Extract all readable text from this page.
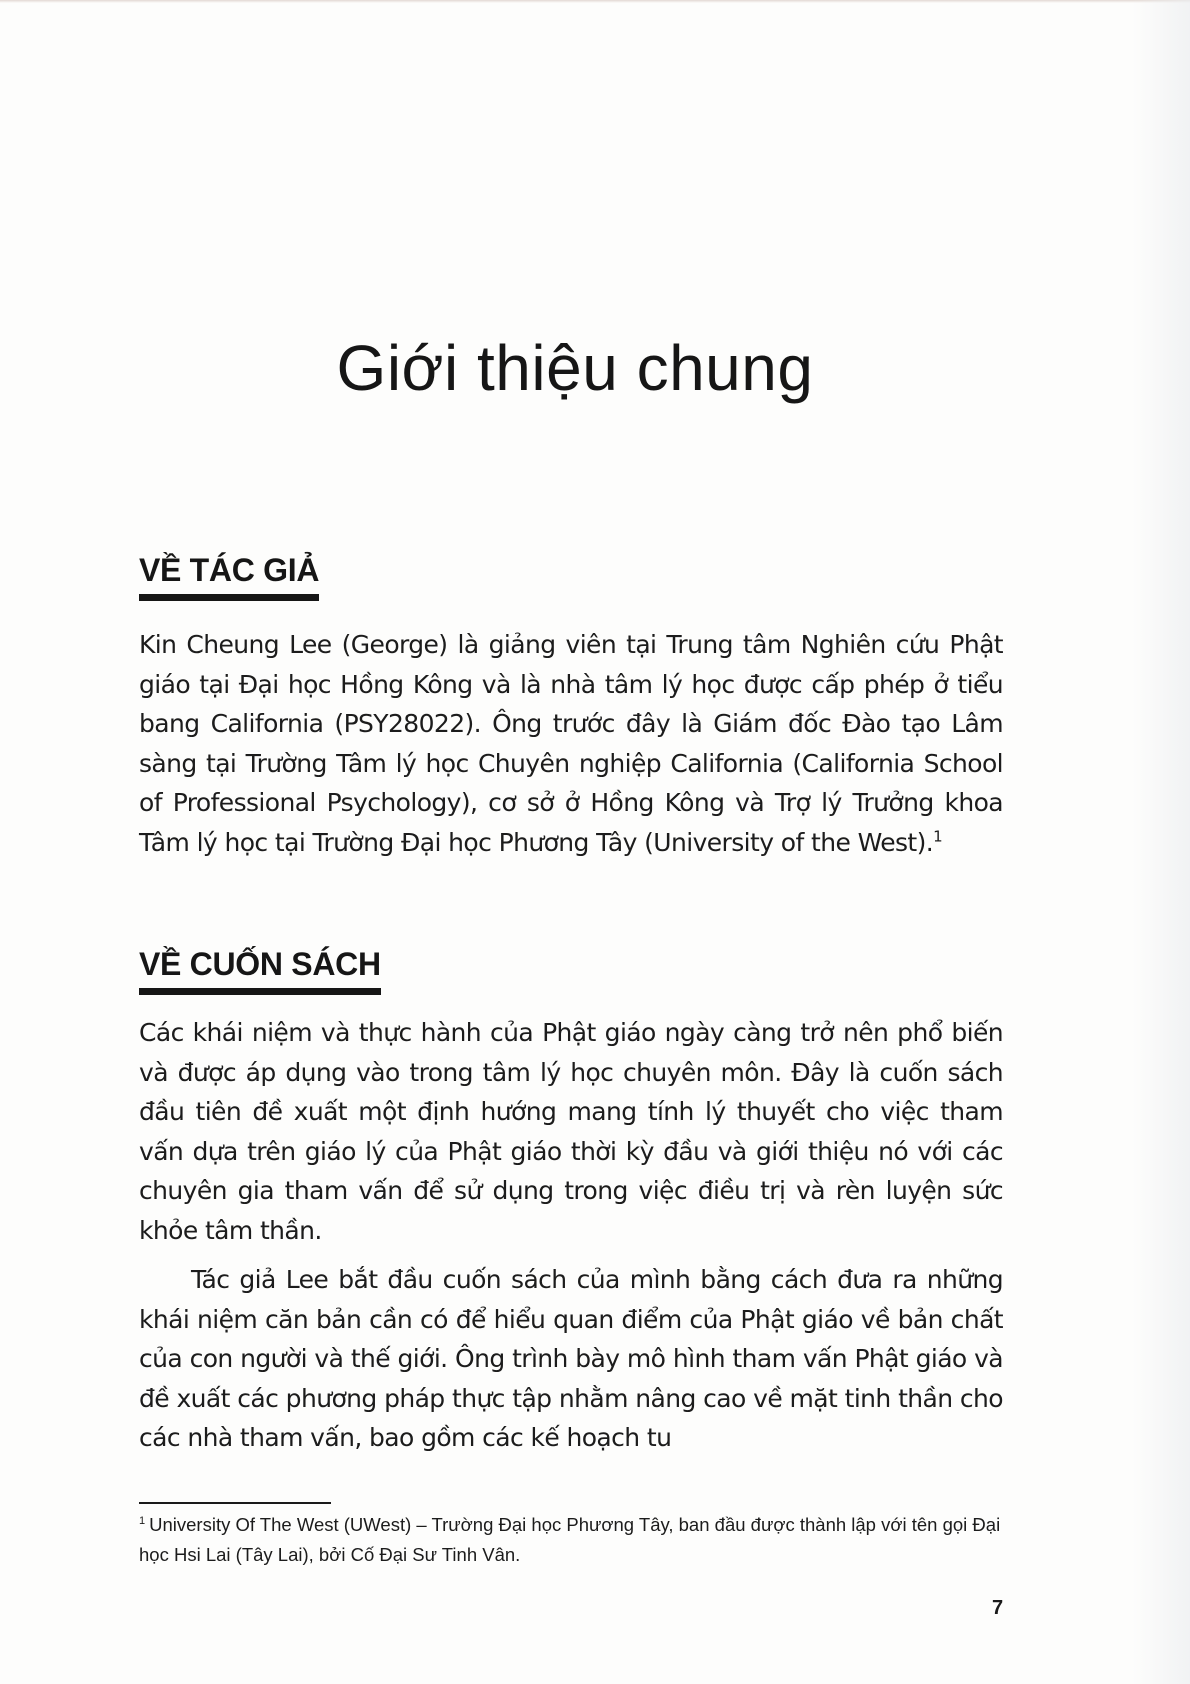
Giới thiệu chung
VỀ TÁC GIẢ

Kin Cheung Lee (George) là giảng viên tại Trung tâm Nghiên cứu Phật giáo tại Đại học Hồng Kông và là nhà tâm lý học được cấp phép ở tiểu bang California (PSY28022). Ông trước đây là Giám đốc Đào tạo Lâm sàng tại Trường Tâm lý học Chuyên nghiệp California (California School of Professional Psychology), cơ sở ở Hồng Kông và Trợ lý Trưởng khoa Tâm lý học tại Trường Đại học Phương Tây (University of the West).$^1$

VỀ CUỐN SÁCH

Các khái niệm và thực hành của Phật giáo ngày càng trở nên phổ biến và được áp dụng vào trong tâm lý học chuyên môn. Đây là cuốn sách đầu tiên đề xuất một định hướng mang tính lý thuyết cho việc tham vấn dựa trên giáo lý của Phật giáo thời kỳ đầu và giới thiệu nó với các chuyên gia tham vấn để sử dụng trong việc điều trị và rèn luyện sức khỏe tâm thần.

Tác giả Lee bắt đầu cuốn sách của mình bằng cách đưa ra những khái niệm căn bản cần có để hiểu quan điểm của Phật giáo về bản chất của con người và thế giới. Ông trình bày mô hình tham vấn Phật giáo và đề xuất các phương pháp thực tập nhằm nâng cao về mặt tinh thần cho các nhà tham vấn, bao gồm các kế hoạch tu

$^1$ University Of The West (UWest) – Trường Đại học Phương Tây, ban đầu được thành lập với tên gọi Đại học Hsi Lai (Tây Lai), bởi Cố Đại Sư Tinh Vân.

7
